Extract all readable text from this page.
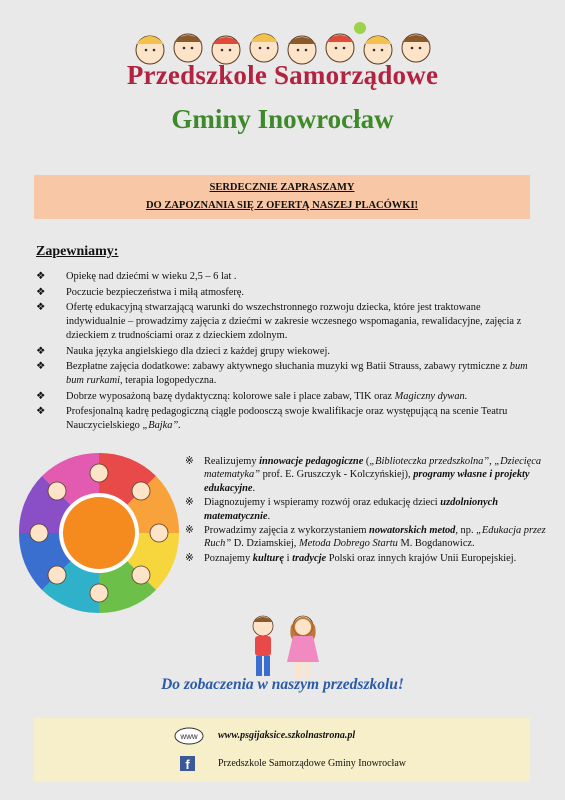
Przedszkole Samorządowe
Gminy Inowrocław
SERDECZNIE ZAPRASZAMY
DO ZAPOZNANIA SIĘ Z OFERTĄ NASZEJ PLACÓWKI!
Zapewniamy:
❖ Opiekę nad dziećmi w wieku 2,5 – 6 lat .
❖ Poczucie bezpieczeństwa i miłą atmosferę.
❖ Ofertę edukacyjną stwarzającą warunki do wszechstronnego rozwoju dziecka, które jest traktowane indywidualnie – prowadzimy zajęcia z dziećmi w zakresie wczesnego wspomagania, rewalidacyjne, zajęcia z dzieckiem z trudnościami oraz z dzieckiem zdolnym.
❖ Nauka języka angielskiego dla dzieci z każdej grupy wiekowej.
❖ Bezpłatne zajęcia dodatkowe: zabawy aktywnego słuchania muzyki wg Batii Strauss, zabawy rytmiczne z bum bum rurkami, terapia logopedyczna.
❖ Dobrze wyposażoną bazę dydaktyczną: kolorowe sale i place zabaw, TIK oraz Magiczny dywan.
❖ Profesjonalną kadrę pedagogiczną ciągle podoosczą swoje kwalifikacje oraz występującą na scenie Teatru Nauczycielskiego „Bajka”.
※ Realizujemy innowacje pedagogiczne („Biblioteczka przedszkolna”, „Dziecięca matematyka” prof. E. Gruszczyk - Kolczyńskiej), programy własne i projekty edukacyjne.
※ Diagnozujemy i wspieramy rozwój oraz edukację dzieci uzdolnionych matematycznie.
※ Prowadzimy zajęcia z wykorzystaniem nowatorskich metod, np. „Edukacja przez Ruch” D. Dziamskiej, Metoda Dobrego Startu M. Bogdanowicz.
※ Poznajemy kulturę i tradycje Polski oraz innych krajów Unii Europejskiej.
Do zobaczenia w naszym przedszkolu!
www www.psgijaksice.szkolnastrona.pl
f	Przedszkole Samorządowe Gminy Inowrocław
